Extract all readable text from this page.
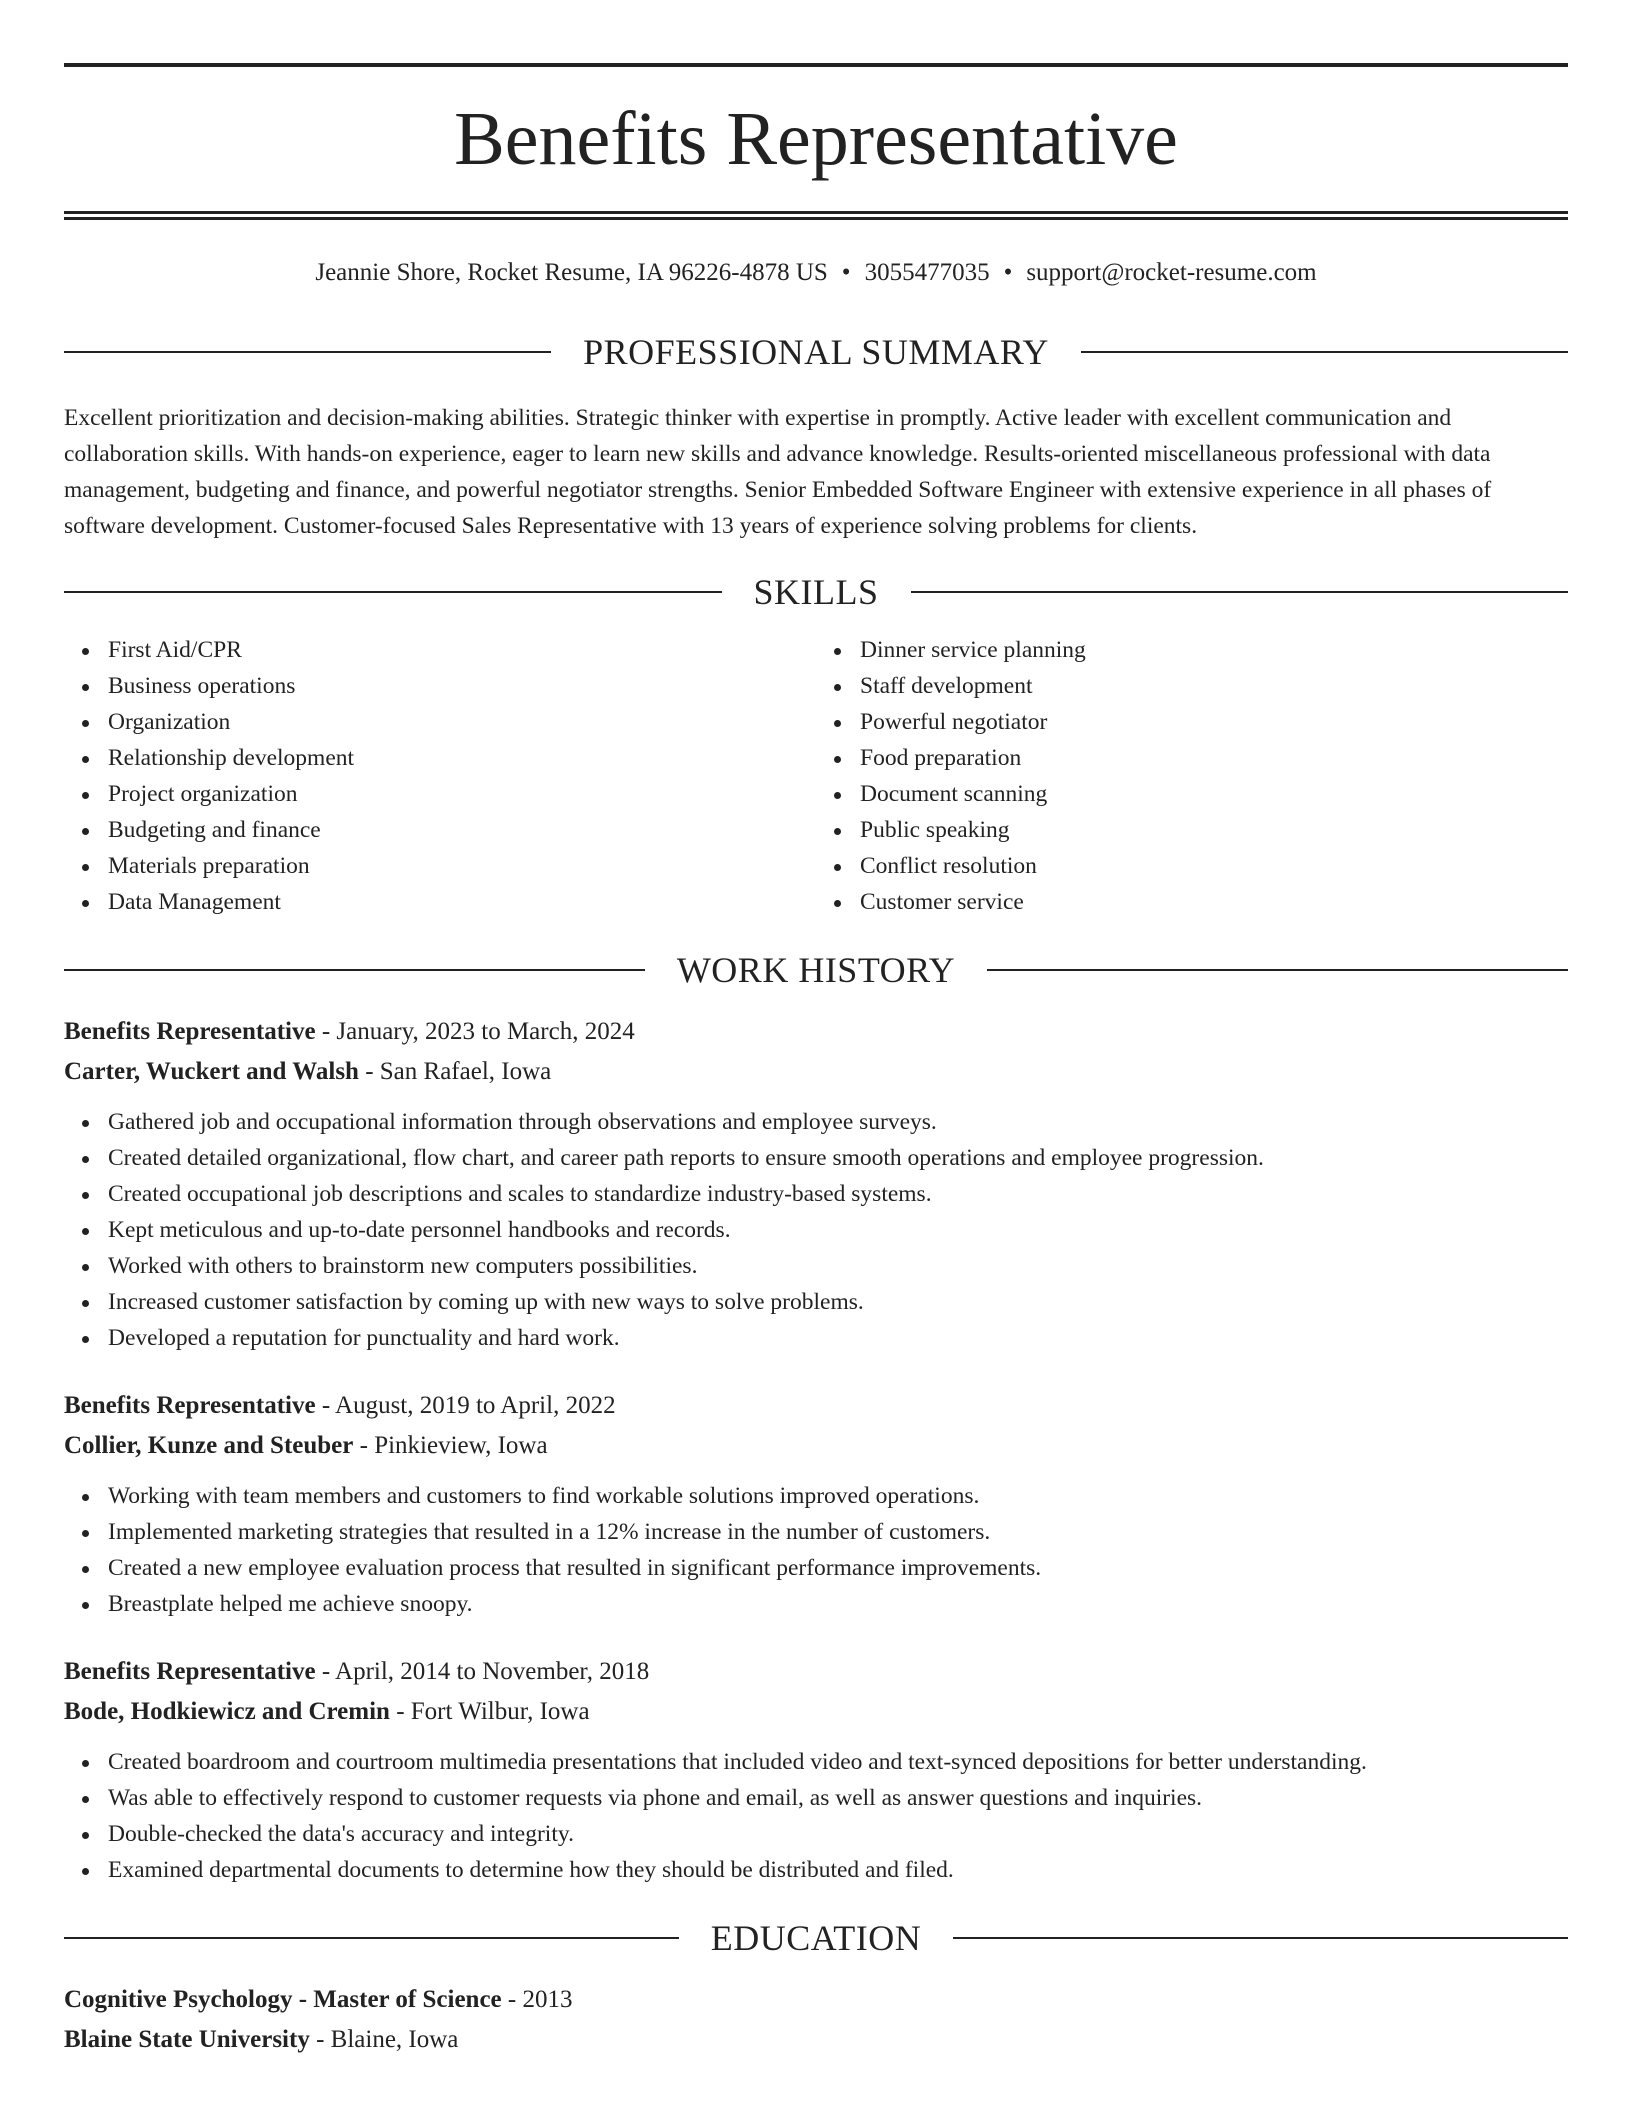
Benefits Representative
Jeannie Shore, Rocket Resume, IA 96226-4878 US • 3055477035 • support@rocket-resume.com
PROFESSIONAL SUMMARY

Excellent prioritization and decision-making abilities. Strategic thinker with expertise in promptly. Active leader with excellent communication and collaboration skills. With hands-on experience, eager to learn new skills and advance knowledge. Results-oriented miscellaneous professional with data management, budgeting and finance, and powerful negotiator strengths. Senior Embedded Software Engineer with extensive experience in all phases of software development. Customer-focused Sales Representative with 13 years of experience solving problems for clients.

SKILLS
First Aid/CPR
Business operations
Organization
Relationship development
Project organization
Budgeting and finance
Materials preparation
Data Management
Dinner service planning
Staff development
Powerful negotiator
Food preparation
Document scanning
Public speaking
Conflict resolution
Customer service
WORK HISTORY
Benefits Representative - January, 2023 to March, 2024
Carter, Wuckert and Walsh - San Rafael, Iowa
Gathered job and occupational information through observations and employee surveys.
Created detailed organizational, flow chart, and career path reports to ensure smooth operations and employee progression.
Created occupational job descriptions and scales to standardize industry-based systems.
Kept meticulous and up-to-date personnel handbooks and records.
Worked with others to brainstorm new computers possibilities.
Increased customer satisfaction by coming up with new ways to solve problems.
Developed a reputation for punctuality and hard work.
Benefits Representative - August, 2019 to April, 2022
Collier, Kunze and Steuber - Pinkieview, Iowa
Working with team members and customers to find workable solutions improved operations.
Implemented marketing strategies that resulted in a 12% increase in the number of customers.
Created a new employee evaluation process that resulted in significant performance improvements.
Breastplate helped me achieve snoopy.
Benefits Representative - April, 2014 to November, 2018
Bode, Hodkiewicz and Cremin - Fort Wilbur, Iowa
Created boardroom and courtroom multimedia presentations that included video and text-synced depositions for better understanding.
Was able to effectively respond to customer requests via phone and email, as well as answer questions and inquiries.
Double-checked the data's accuracy and integrity.
Examined departmental documents to determine how they should be distributed and filed.
EDUCATION
Cognitive Psychology - Master of Science - 2013
Blaine State University - Blaine, Iowa
